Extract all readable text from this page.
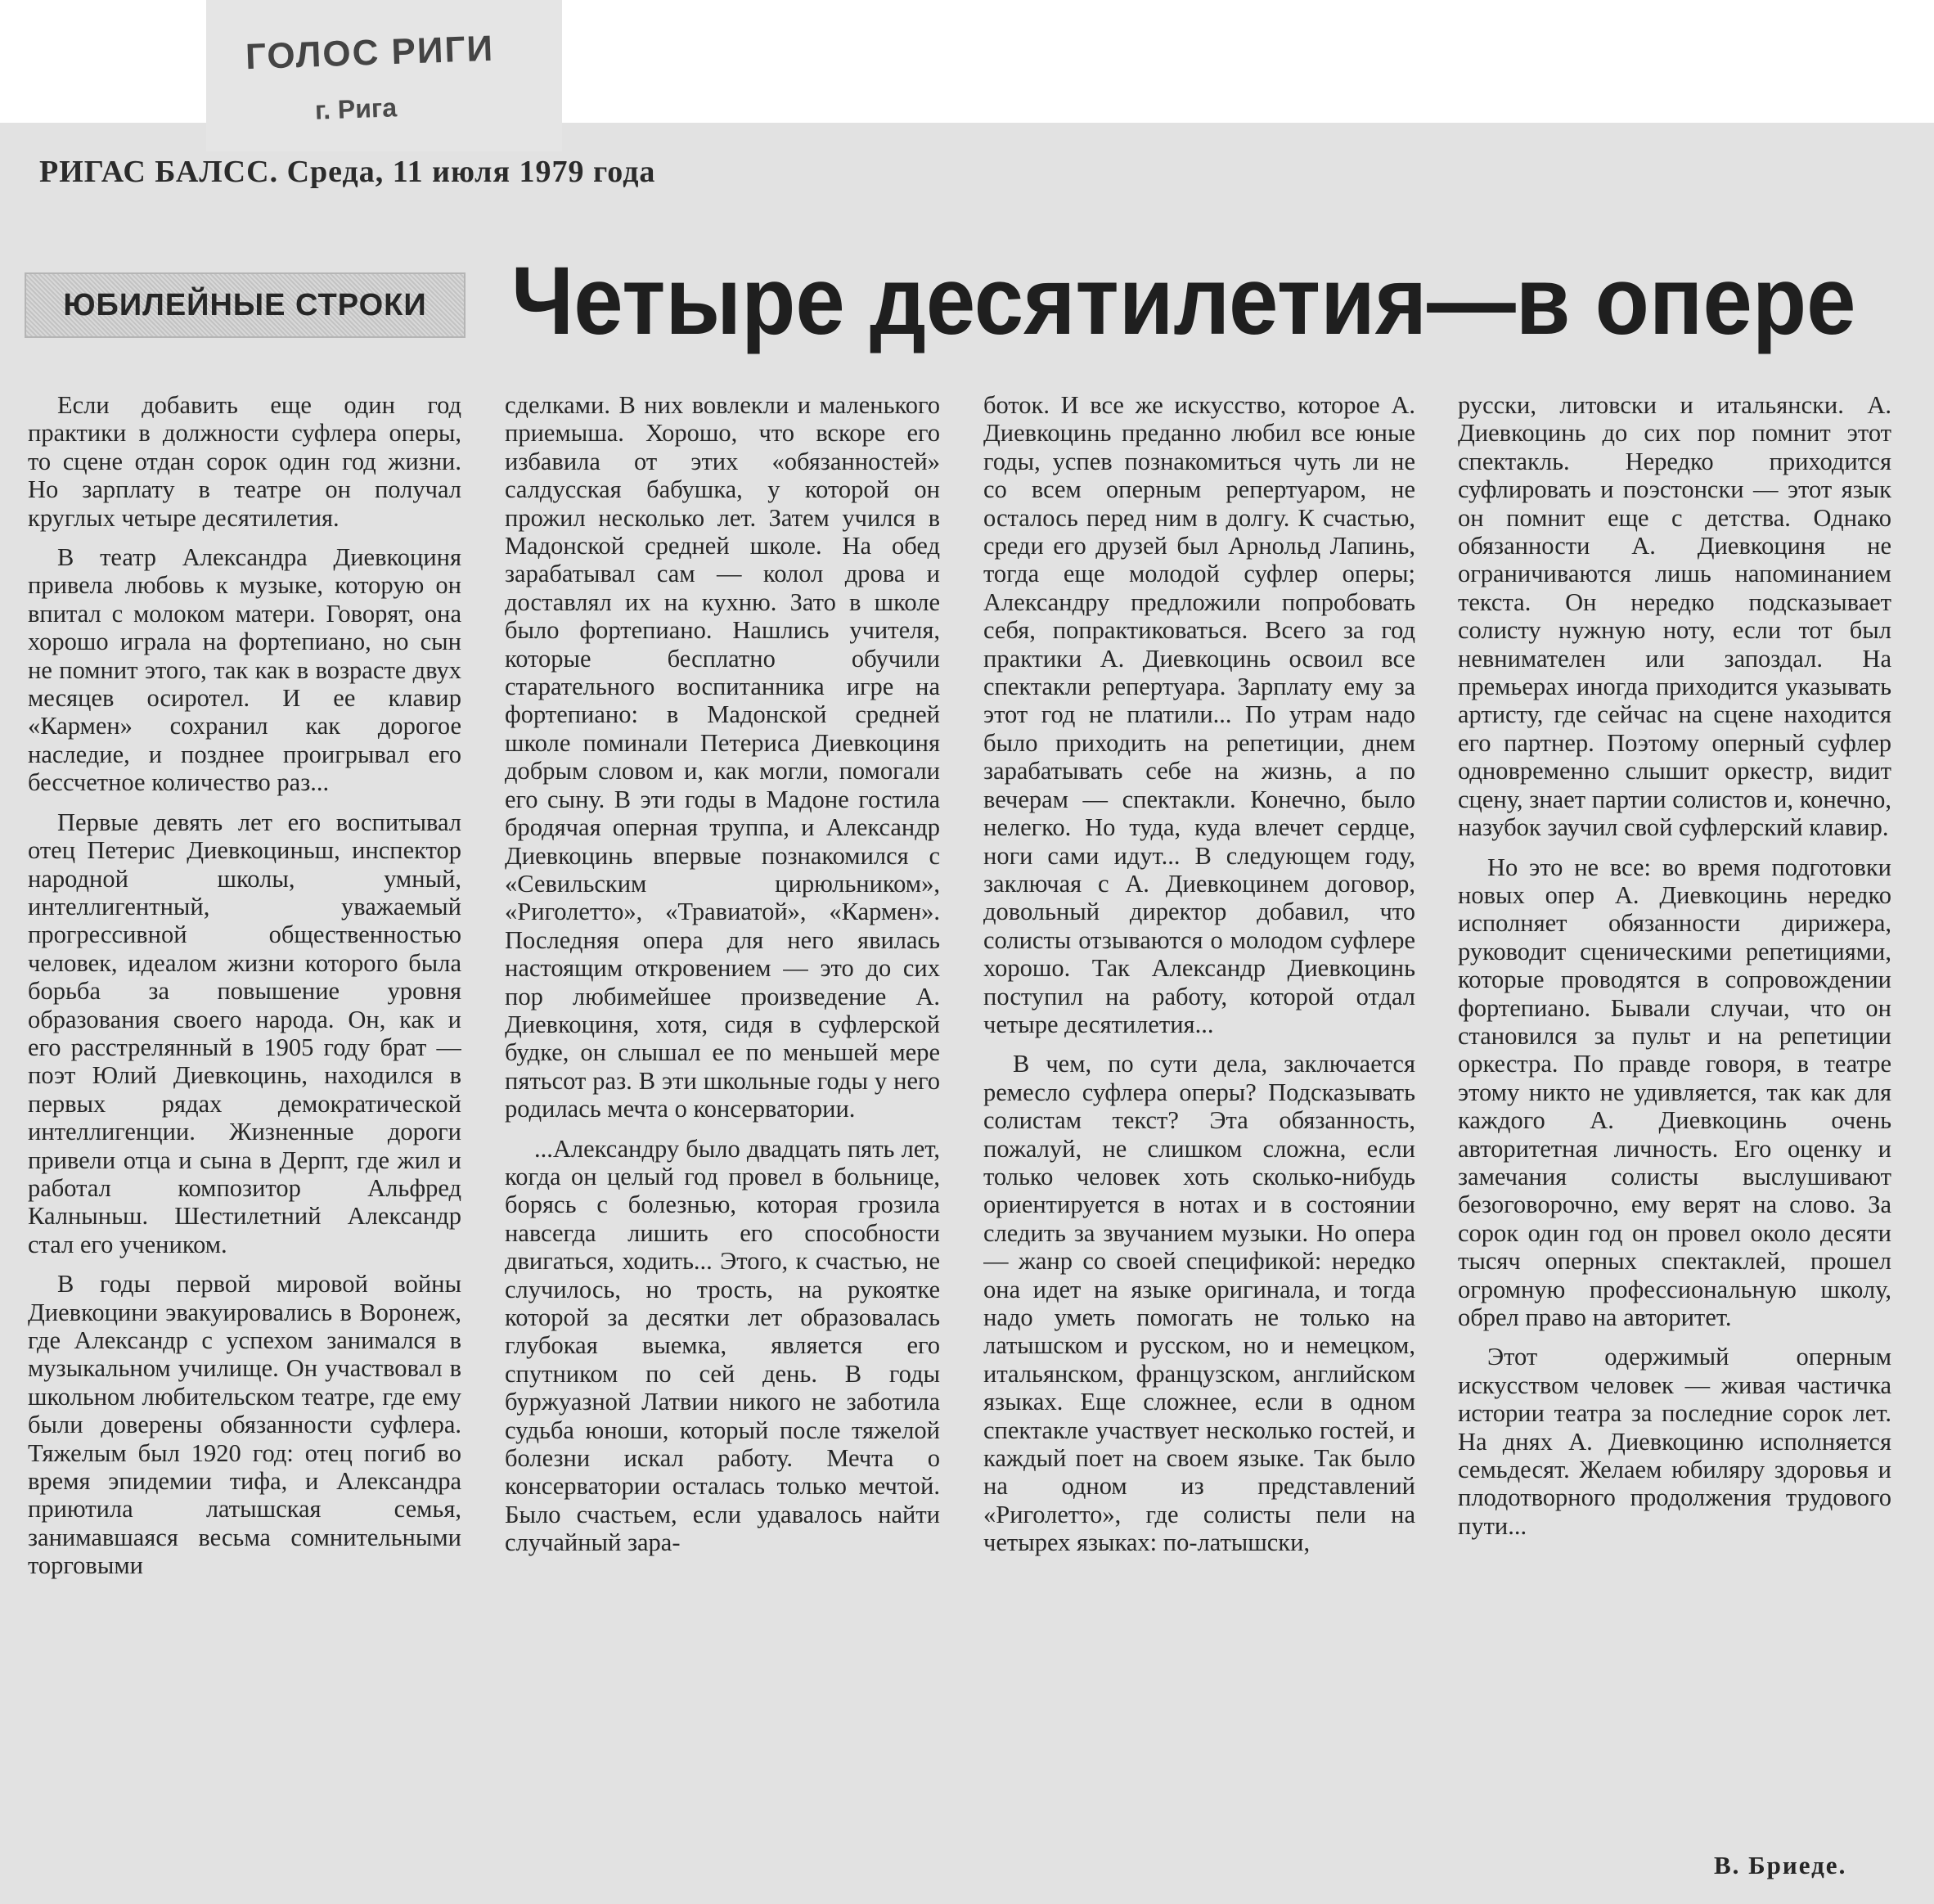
ГОЛОС РИГИ
г. Рига
РИГАС БАЛСС. Среда, 11 июля 1979 года
ЮБИЛЕЙНЫЕ СТРОКИ Четыре десятилетия—в опере

Если добавить еще один год практики в должности суфлера оперы, то сцене отдан сорок один год жизни. Но зарплату в театре он получал круглых четыре десятилетия.

В театр Александра Диевкоциня привела любовь к музыке, которую он впитал с молоком матери. Говорят, она хорошо играла на фортепиано, но сын не помнит этого, так как в возрасте двух месяцев осиротел. И ее клавир «Кармен» сохранил как дорогое наследие, и позднее проигрывал его бессчетное количество раз...

Первые девять лет его воспитывал отец Петерис Диевкоциньш, инспектор народной школы, умный, интеллигентный, уважаемый прогрессивной общественностью человек, идеалом жизни которого была борьба за повышение уровня образования своего народа. Он, как и его расстрелянный в 1905 году брат — поэт Юлий Диевкоцинь, находился в первых рядах демократической интеллигенции. Жизненные дороги привели отца и сына в Дерпт, где жил и работал композитор Альфред Калныньш. Шестилетний Александр стал его учеником.

В годы первой мировой войны Диевкоцини эвакуировались в Воронеж, где Александр с успехом занимался в музыкальном училище. Он участвовал в школьном любительском театре, где ему были доверены обязанности суфлера. Тяжелым был 1920 год: отец погиб во время эпидемии тифа, и Александра приютила латышская семья, занимавшаяся весьма сомнительными торговыми

сделками. В них вовлекли и маленького приемыша. Хорошо, что вскоре его избавила от этих «обязанностей» салдусская бабушка, у которой он прожил несколько лет. Затем учился в Мадонской средней школе. На обед зарабатывал сам — колол дрова и доставлял их на кухню. Зато в школе было фортепиано. Нашлись учителя, которые бесплатно обучили старательного воспитанника игре на фортепиано: в Мадонской средней школе поминали Петериса Диевкоциня добрым словом и, как могли, помогали его сыну. В эти годы в Мадоне гостила бродячая оперная труппа, и Александр Диевкоцинь впервые познакомился с «Севильским цирюльником», «Риголетто», «Травиатой», «Кармен». Последняя опера для него явилась настоящим откровением — это до сих пор любимейшее произведение А. Диевкоциня, хотя, сидя в суфлерской будке, он слышал ее по меньшей мере пятьсот раз. В эти школьные годы у него родилась мечта о консерватории.

...Александру было двадцать пять лет, когда он целый год провел в больнице, борясь с болезнью, которая грозила навсегда лишить его способности двигаться, ходить... Этого, к счастью, не случилось, но трость, на рукоятке которой за десятки лет образовалась глубокая выемка, является его спутником по сей день. В годы буржуазной Латвии никого не заботила судьба юноши, который после тяжелой болезни искал работу. Мечта о консерватории осталась только мечтой. Было счастьем, если удавалось найти случайный зара-

боток. И все же искусство, которое А. Диевкоцинь преданно любил все юные годы, успев познакомиться чуть ли не со всем оперным репертуаром, не осталось перед ним в долгу. К счастью, среди его друзей был Арнольд Лапинь, тогда еще молодой суфлер оперы; Александру предложили попробовать себя, попрактиковаться. Всего за год практики А. Диевкоцинь освоил все спектакли репертуара. Зарплату ему за этот год не платили... По утрам надо было приходить на репетиции, днем зарабатывать себе на жизнь, а по вечерам — спектакли. Конечно, было нелегко. Но туда, куда влечет сердце, ноги сами идут... В следующем году, заключая с А. Диевкоцинем договор, довольный директор добавил, что солисты отзываются о молодом суфлере хорошо. Так Александр Диевкоцинь поступил на работу, которой отдал четыре десятилетия...

В чем, по сути дела, заключается ремесло суфлера оперы? Подсказывать солистам текст? Эта обязанность, пожалуй, не слишком сложна, если только человек хоть сколько-нибудь ориентируется в нотах и в состоянии следить за звучанием музыки. Но опера — жанр со своей спецификой: нередко она идет на языке оригинала, и тогда надо уметь помогать не только на латышском и русском, но и немецком, итальянском, французском, английском языках. Еще сложнее, если в одном спектакле участвует несколько гостей, и каждый поет на своем языке. Так было на одном из представлений «Риголетто», где солисты пели на четырех языках: по-латышски,

русски, литовски и итальянски. А. Диевкоцинь до сих пор помнит этот спектакль. Нередко приходится суфлировать и поэстонски — этот язык он помнит еще с детства. Однако обязанности А. Диевкоциня не ограничиваются лишь напоминанием текста. Он нередко подсказывает солисту нужную ноту, если тот был невнимателен или запоздал. На премьерах иногда приходится указывать артисту, где сейчас на сцене находится его партнер. Поэтому оперный суфлер одновременно слышит оркестр, видит сцену, знает партии солистов и, конечно, назубок заучил свой суфлерский клавир.

Но это не все: во время подготовки новых опер А. Диевкоцинь нередко исполняет обязанности дирижера, руководит сценическими репетициями, которые проводятся в сопровождении фортепиано. Бывали случаи, что он становился за пульт и на репетиции оркестра. По правде говоря, в театре этому никто не удивляется, так как для каждого А. Диевкоцинь очень авторитетная личность. Его оценку и замечания солисты выслушивают безоговорочно, ему верят на слово. За сорок один год он провел около десяти тысяч оперных спектаклей, прошел огромную профессиональную школу, обрел право на авторитет.

Этот одержимый оперным искусством человек — живая частичка истории театра за последние сорок лет. На днях А. Диевкоциню исполняется семьдесят. Желаем юбиляру здоровья и плодотворного продолжения трудового пути...

В. Бриеде.
